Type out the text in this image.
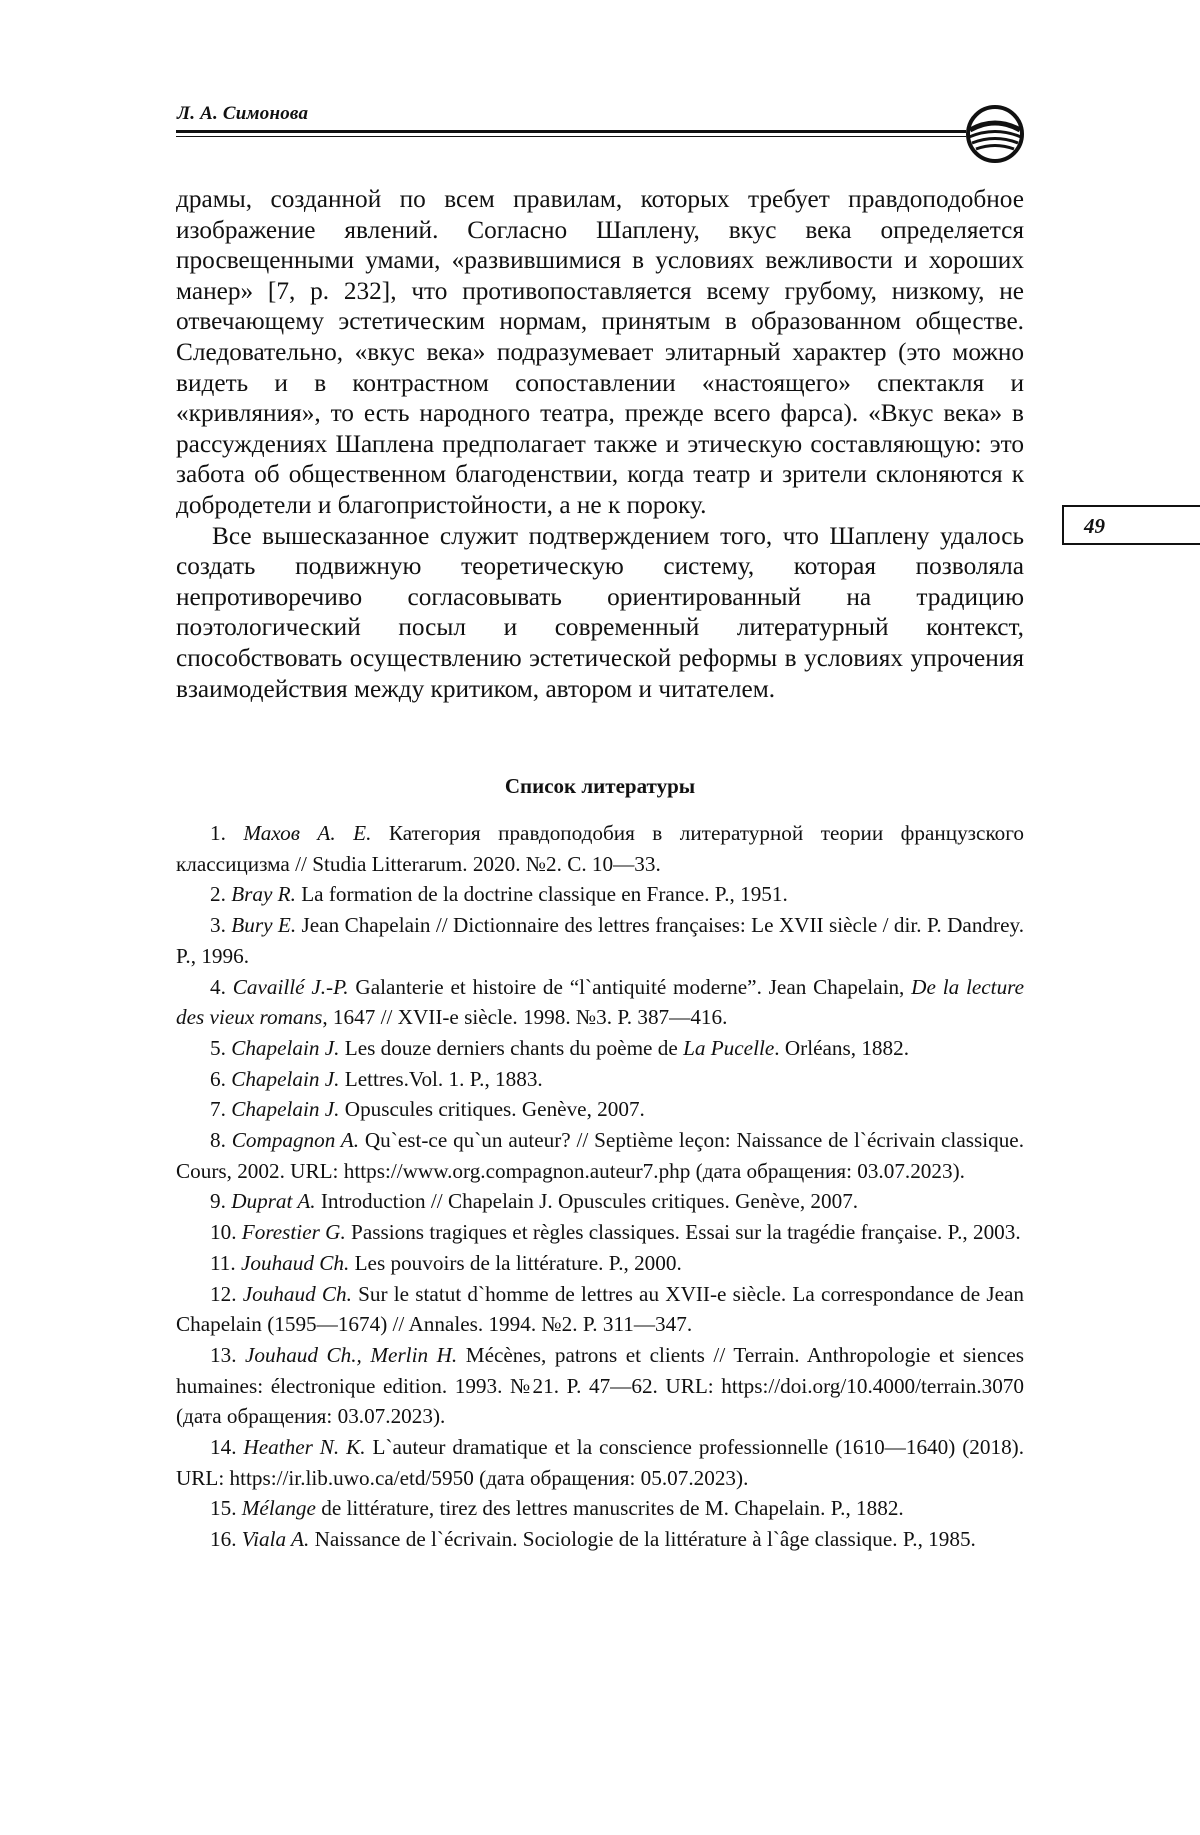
Л. А. Симонова
49

драмы, созданной по всем правилам, которых требует правдоподобное изображение явлений. Согласно Шаплену, вкус века определяется просвещенными умами, «развившимися в условиях вежливости и хороших манер» [7, p. 232], что противопоставляется всему грубому, низкому, не отвечающему эстетическим нормам, принятым в образованном обществе. Следовательно, «вкус века» подразумевает элитарный характер (это можно видеть и в контрастном сопоставлении «настоящего» спектакля и «кривляния», то есть народного театра, прежде всего фарса). «Вкус века» в рассуждениях Шаплена предполагает также и этическую составляющую: это забота об общественном благоденствии, когда театр и зрители склоняются к добродетели и благопристойности, а не к пороку.

Все вышесказанное служит подтверждением того, что Шаплену удалось создать подвижную теоретическую систему, которая позволяла непротиворечиво согласовывать ориентированный на традицию поэтологический посыл и современный литературный контекст, способствовать осуществлению эстетической реформы в условиях упрочения взаимодействия между критиком, автором и читателем.

Список литературы

1. Махов А. Е. Категория правдоподобия в литературной теории французского классицизма // Studia Litterarum. 2020. №2. С. 10—33.

2. Bray R. La formation de la doctrine classique en France. P., 1951.

3. Bury E. Jean Chapelain // Dictionnaire des lettres françaises: Le XVII siècle / dir. P. Dandrey. P., 1996.

4. Cavaillé J.-P. Galanterie et histoire de “l`antiquité moderne”. Jean Chapelain, De la lecture des vieux romans, 1647 // XVII-e siècle. 1998. №3. P. 387—416.

5. Chapelain J. Les douze derniers chants du poème de La Pucelle. Orléans, 1882.

6. Chapelain J. Lettres.Vol. 1. P., 1883.

7. Chapelain J. Opuscules critiques. Genève, 2007.

8. Compagnon A. Qu`est-ce qu`un auteur? // Septième leçon: Naissance de l`écrivain classique. Cours, 2002. URL: https://www.org.compagnon.auteur7.php (дата обращения: 03.07.2023).

9. Duprat A. Introduction // Chapelain J. Opuscules critiques. Genève, 2007.

10. Forestier G. Passions tragiques et règles classiques. Essai sur la tragédie française. P., 2003.

11. Jouhaud Ch. Les pouvoirs de la littérature. P., 2000.

12. Jouhaud Ch. Sur le statut d`homme de lettres au XVII-e siècle. La correspondance de Jean Chapelain (1595—1674) // Annales. 1994. №2. P. 311—347.

13. Jouhaud Ch., Merlin H. Mécènes, patrons et clients // Terrain. Anthropologie et siences humaines: électronique edition. 1993. №21. P. 47—62. URL: https://doi.org/10.4000/terrain.3070 (дата обращения: 03.07.2023).

14. Heather N. K. L`auteur dramatique et la conscience professionnelle (1610—1640) (2018). URL: https://ir.lib.uwo.ca/etd/5950 (дата обращения: 05.07.2023).

15. Mélange de littérature, tirez des lettres manuscrites de M. Chapelain. P., 1882.

16. Viala A. Naissance de l`écrivain. Sociologie de la littérature à l`âge classique. P., 1985.
